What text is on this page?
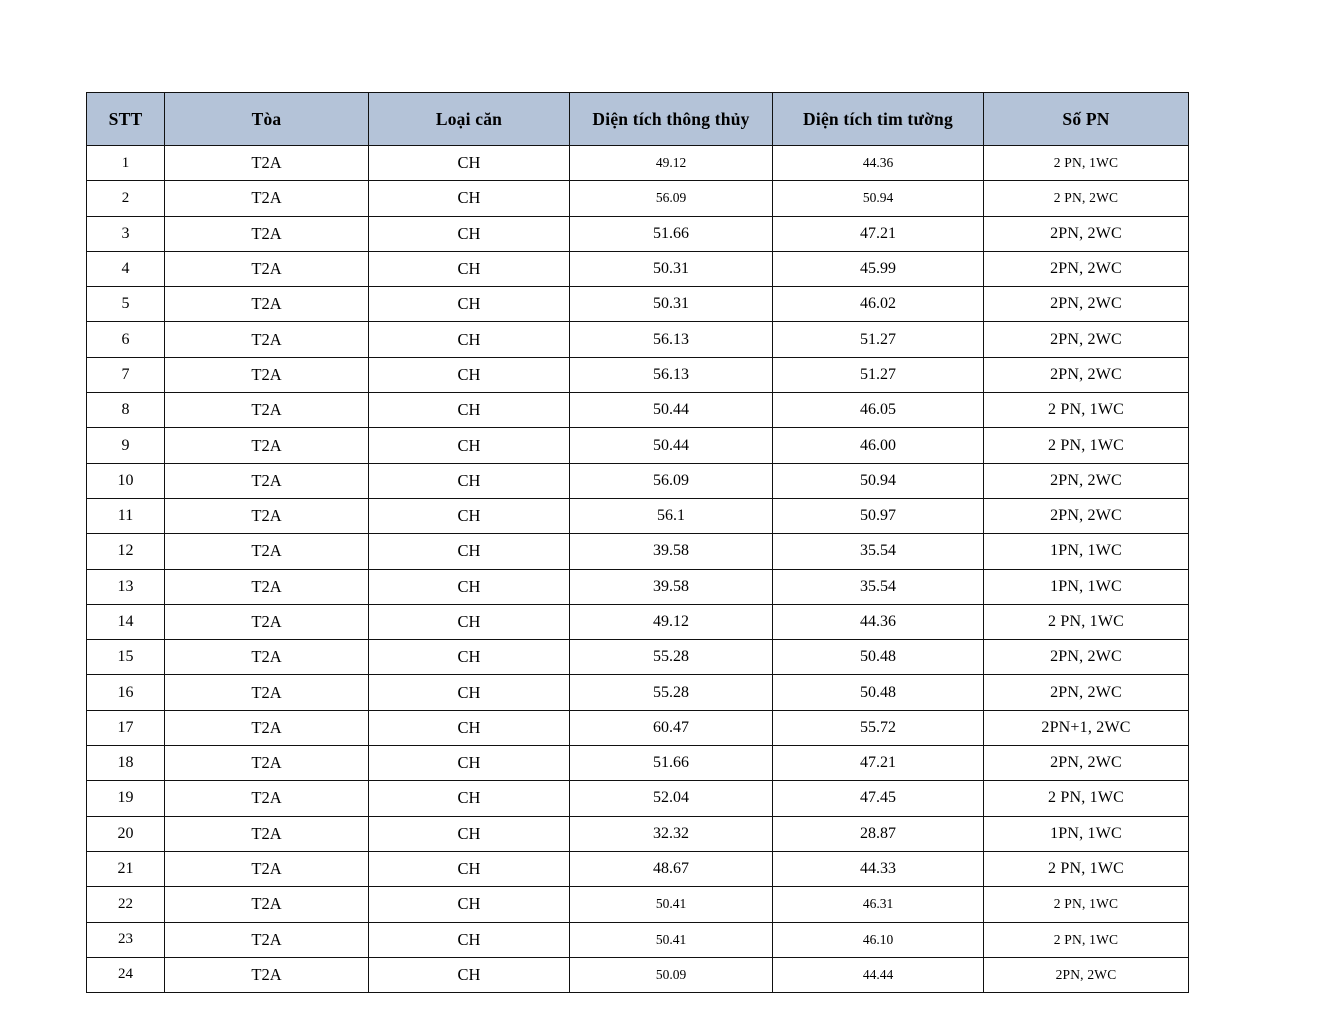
STT	Tòa	Loại căn	Diện tích thông thủy	Diện tích tim tường	Số PN
1	T2A	CH	49.12	44.36	2 PN, 1WC
2	T2A	CH	56.09	50.94	2 PN, 2WC
3	T2A	CH	51.66	47.21	2PN, 2WC
4	T2A	CH	50.31	45.99	2PN, 2WC
5	T2A	CH	50.31	46.02	2PN, 2WC
6	T2A	CH	56.13	51.27	2PN, 2WC
7	T2A	CH	56.13	51.27	2PN, 2WC
8	T2A	CH	50.44	46.05	2 PN, 1WC
9	T2A	CH	50.44	46.00	2 PN, 1WC
10	T2A	CH	56.09	50.94	2PN, 2WC
11	T2A	CH	56.1	50.97	2PN, 2WC
12	T2A	CH	39.58	35.54	1PN, 1WC
13	T2A	CH	39.58	35.54	1PN, 1WC
14	T2A	CH	49.12	44.36	2 PN, 1WC
15	T2A	CH	55.28	50.48	2PN, 2WC
16	T2A	CH	55.28	50.48	2PN, 2WC
17	T2A	CH	60.47	55.72	2PN+1, 2WC
18	T2A	CH	51.66	47.21	2PN, 2WC
19	T2A	CH	52.04	47.45	2 PN, 1WC
20	T2A	CH	32.32	28.87	1PN, 1WC
21	T2A	CH	48.67	44.33	2 PN, 1WC
22	T2A	CH	50.41	46.31	2 PN, 1WC
23	T2A	CH	50.41	46.10	2 PN, 1WC
24	T2A	CH	50.09	44.44	2PN, 2WC
